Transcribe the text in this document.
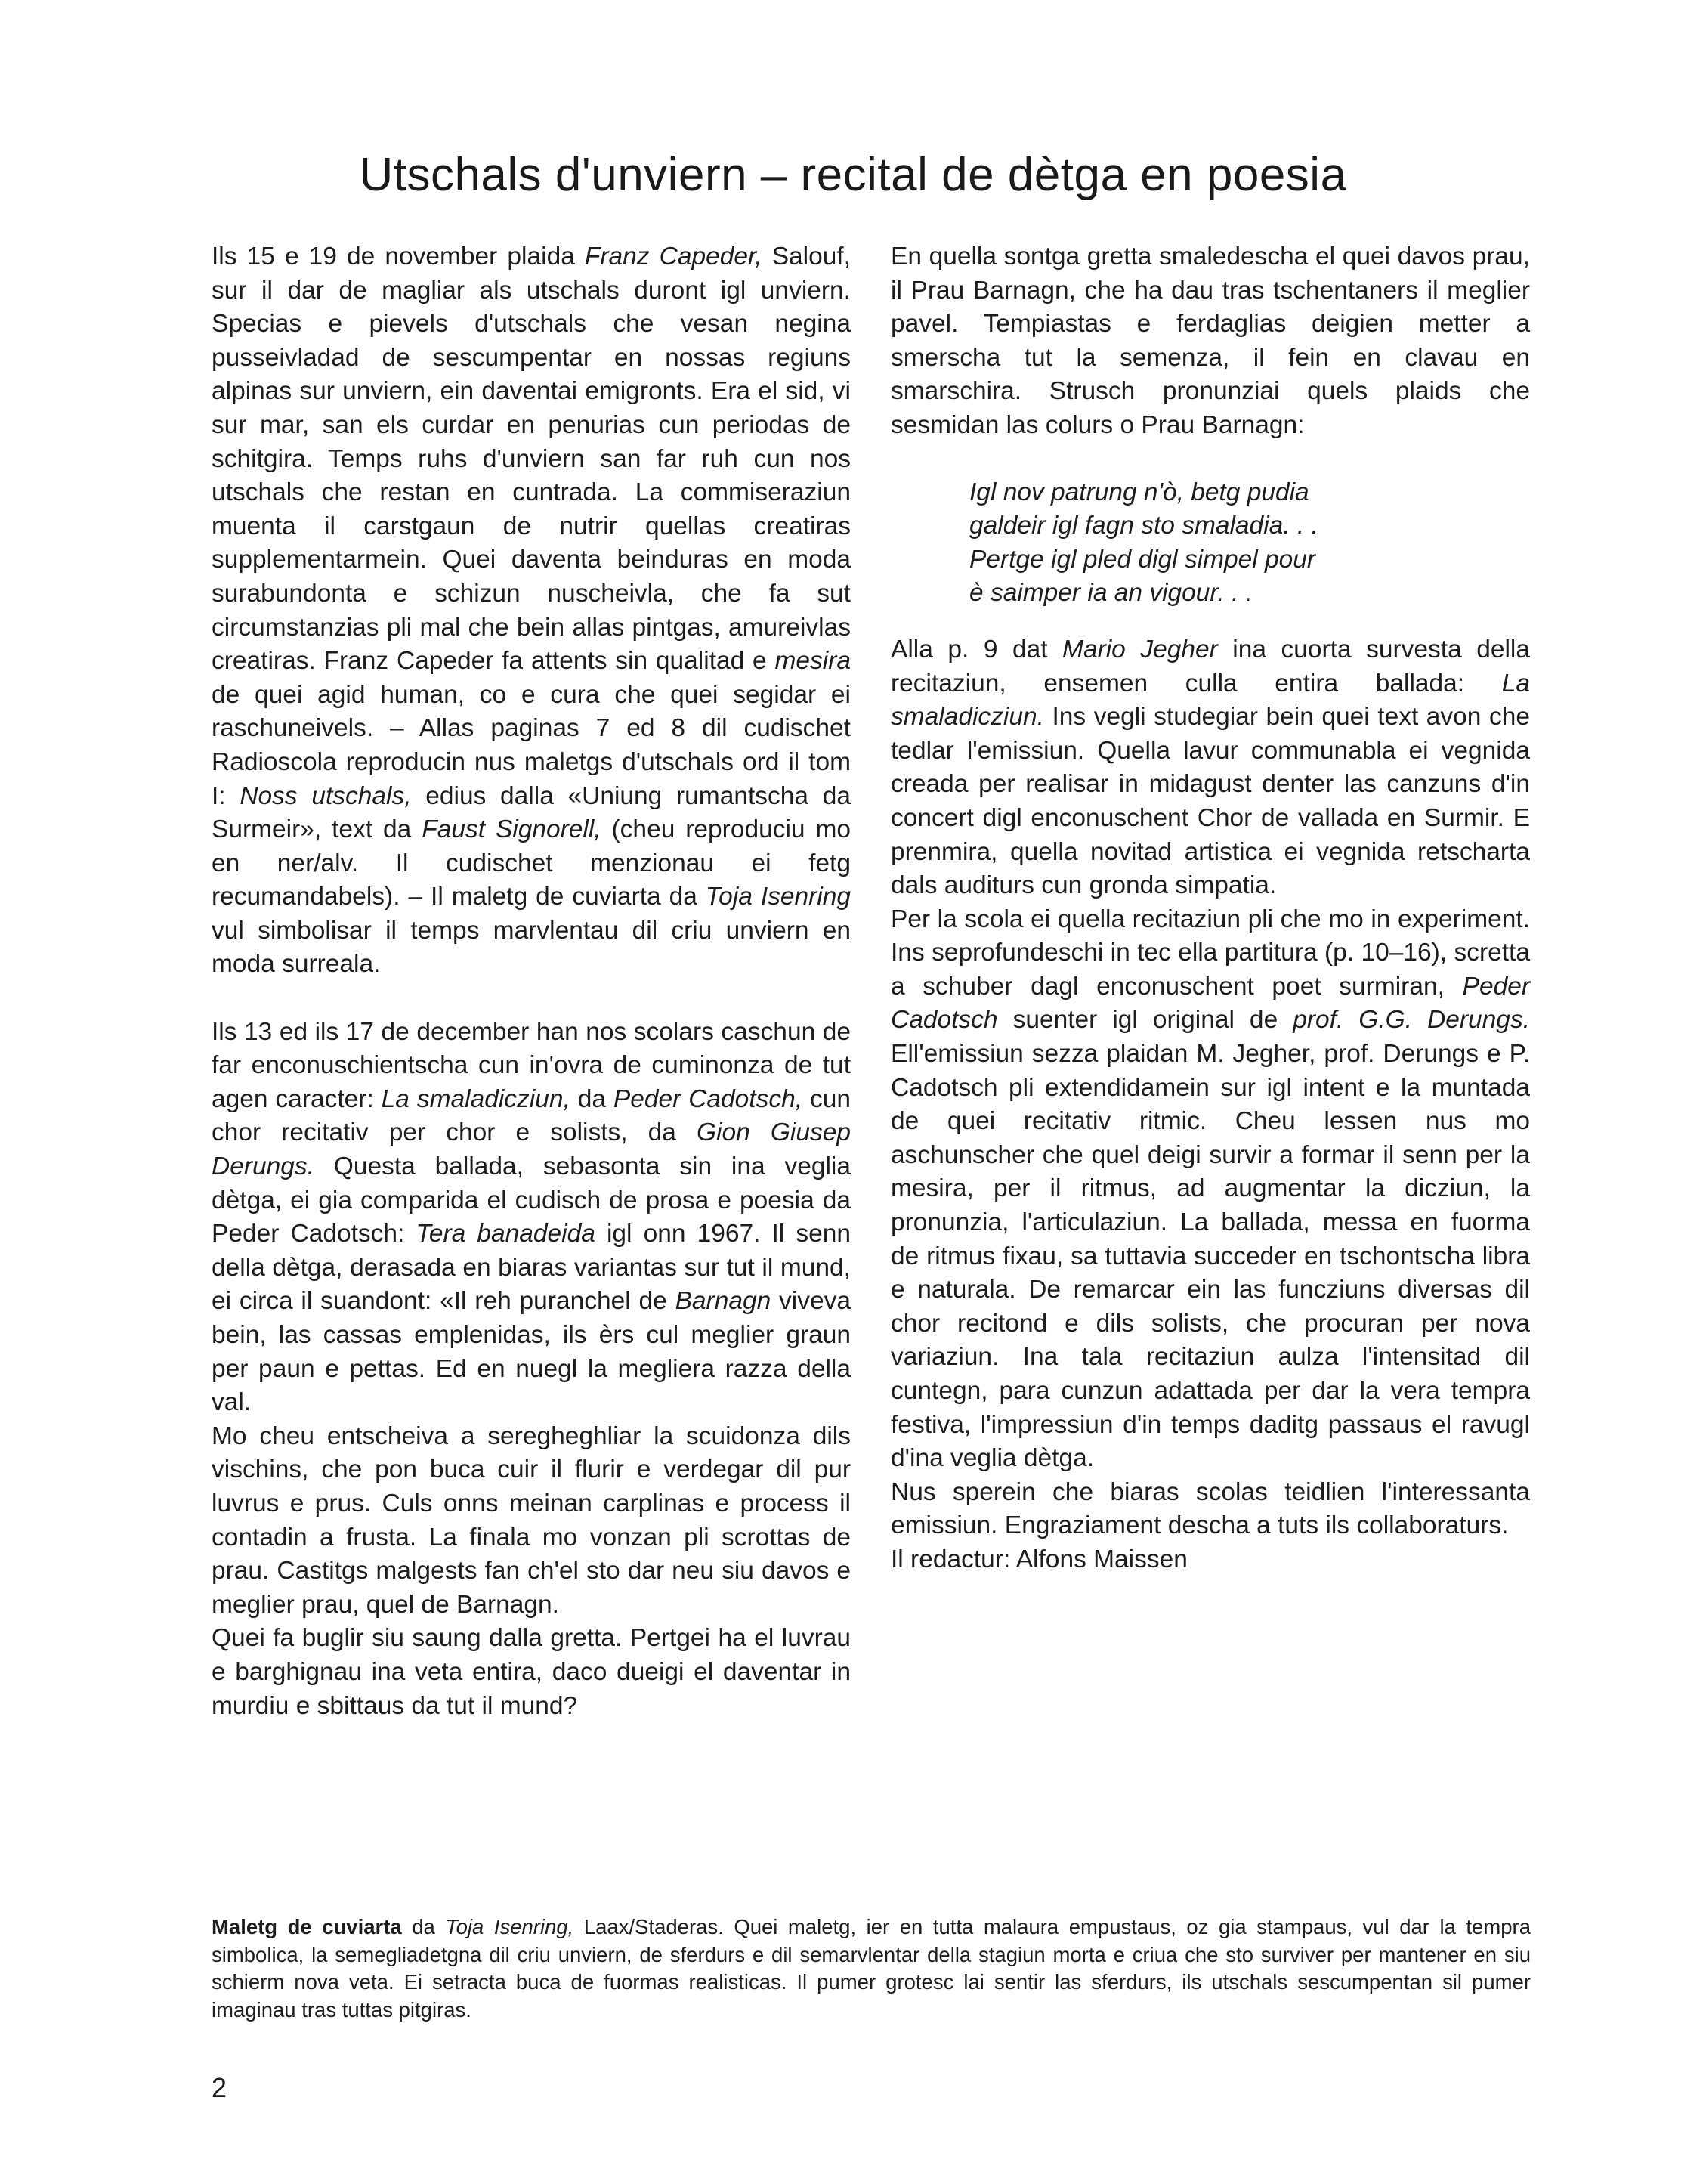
Utschals d'unviern – recital de dètga en poesia

Ils 15 e 19 de november plaida Franz Capeder, Salouf, sur il dar de magliar als utschals duront igl unviern. Specias e pievels d'utschals che vesan negina pusseivladad de sescumpentar en nossas regiuns alpinas sur unviern, ein daventai emigronts. Era el sid, vi sur mar, san els curdar en penurias cun periodas de schitgira. Temps ruhs d'unviern san far ruh cun nos utschals che restan en cuntrada. La commiseraziun muenta il carstgaun de nutrir quellas creatiras supplementarmein. Quei daventa beinduras en moda surabundonta e schizun nuscheivla, che fa sut circumstanzias pli mal che bein allas pintgas, amureivlas creatiras. Franz Capeder fa attents sin qualitad e mesira de quei agid human, co e cura che quei segidar ei raschuneivels. – Allas paginas 7 ed 8 dil cudischet Radioscola reproducin nus maletgs d'utschals ord il tom I: Noss utschals, edius dalla «Uniung rumantscha da Surmeir», text da Faust Signorell, (cheu reproduciu mo en ner/alv. Il cudischet menzionau ei fetg recumandabels). – Il maletg de cuviarta da Toja Isenring vul simbolisar il temps marvlentau dil criu unviern en moda surreala.

Ils 13 ed ils 17 de december han nos scolars caschun de far enconuschientscha cun in'ovra de cuminonza de tut agen caracter: La smaladicziun, da Peder Cadotsch, cun chor recitativ per chor e solists, da Gion Giusep Derungs. Questa ballada, sebasonta sin ina veglia dètga, ei gia comparida el cudisch de prosa e poesia da Peder Cadotsch: Tera banadeida igl onn 1967. Il senn della dètga, derasada en biaras variantas sur tut il mund, ei circa il suandont: «Il reh puranchel de Barnagn viveva bein, las cassas emplenidas, ils èrs cul meglier graun per paun e pettas. Ed en nuegl la megliera razza della val.

Mo cheu entscheiva a seregheghliar la scuidonza dils vischins, che pon buca cuir il flurir e verdegar dil pur luvrus e prus. Culs onns meinan carplinas e process il contadin a frusta. La finala mo vonzan pli scrottas de prau. Castitgs malgests fan ch'el sto dar neu siu davos e meglier prau, quel de Barnagn.

Quei fa buglir siu saung dalla gretta. Pertgei ha el luvrau e barghignau ina veta entira, daco dueigi el daventar in murdiu e sbittaus da tut il mund?

En quella sontga gretta smaledescha el quei davos prau, il Prau Barnagn, che ha dau tras tschentaners il meglier pavel. Tempiastas e ferdaglias deigien metter a smerscha tut la semenza, il fein en clavau en smarschira. Strusch pronunziai quels plaids che sesmidan las colurs o Prau Barnagn:

Igl nov patrung n'ò, betg pudia
galdeir igl fagn sto smaladia. . .
Pertge igl pled digl simpel pour
è saimper ia an vigour. . .

Alla p. 9 dat Mario Jegher ina cuorta survesta della recitaziun, ensemen culla entira ballada: La smaladicziun. Ins vegli studegiar bein quei text avon che tedlar l'emissiun. Quella lavur communabla ei vegnida creada per realisar in midagust denter las canzuns d'in concert digl enconuschent Chor de vallada en Surmir. E prenmira, quella novitad artistica ei vegnida retscharta dals auditurs cun gronda simpatia.

Per la scola ei quella recitaziun pli che mo in experiment. Ins seprofundeschi in tec ella partitura (p. 10–16), scretta a schuber dagl enconuschent poet surmiran, Peder Cadotsch suenter igl original de prof. G.G. Derungs. Ell'emissiun sezza plaidan M. Jegher, prof. Derungs e P. Cadotsch pli extendidamein sur igl intent e la muntada de quei recitativ ritmic. Cheu lessen nus mo aschunscher che quel deigi survir a formar il senn per la mesira, per il ritmus, ad augmentar la dicziun, la pronunzia, l'articulaziun. La ballada, messa en fuorma de ritmus fixau, sa tuttavia succeder en tschontscha libra e naturala. De remarcar ein las funcziuns diversas dil chor recitond e dils solists, che procuran per nova variaziun. Ina tala recitaziun aulza l'intensitad dil cuntegn, para cunzun adattada per dar la vera tempra festiva, l'impressiun d'in temps daditg passaus el ravugl d'ina veglia dètga.

Nus sperein che biaras scolas teidlien l'interessanta emissiun. Engraziament descha a tuts ils collaboraturs.

Il redactur: Alfons Maissen

Maletg de cuviarta da Toja Isenring, Laax/Staderas. Quei maletg, ier en tutta malaura empustaus, oz gia stampaus, vul dar la tempra simbolica, la semegliadetgna dil criu unviern, de sferdurs e dil semarvlentar della stagiun morta e criua che sto surviver per mantener en siu schierm nova veta. Ei setracta buca de fuormas realisticas. Il pumer grotesc lai sentir las sferdurs, ils utschals sescumpentan sil pumer imaginau tras tuttas pitgiras.

2
